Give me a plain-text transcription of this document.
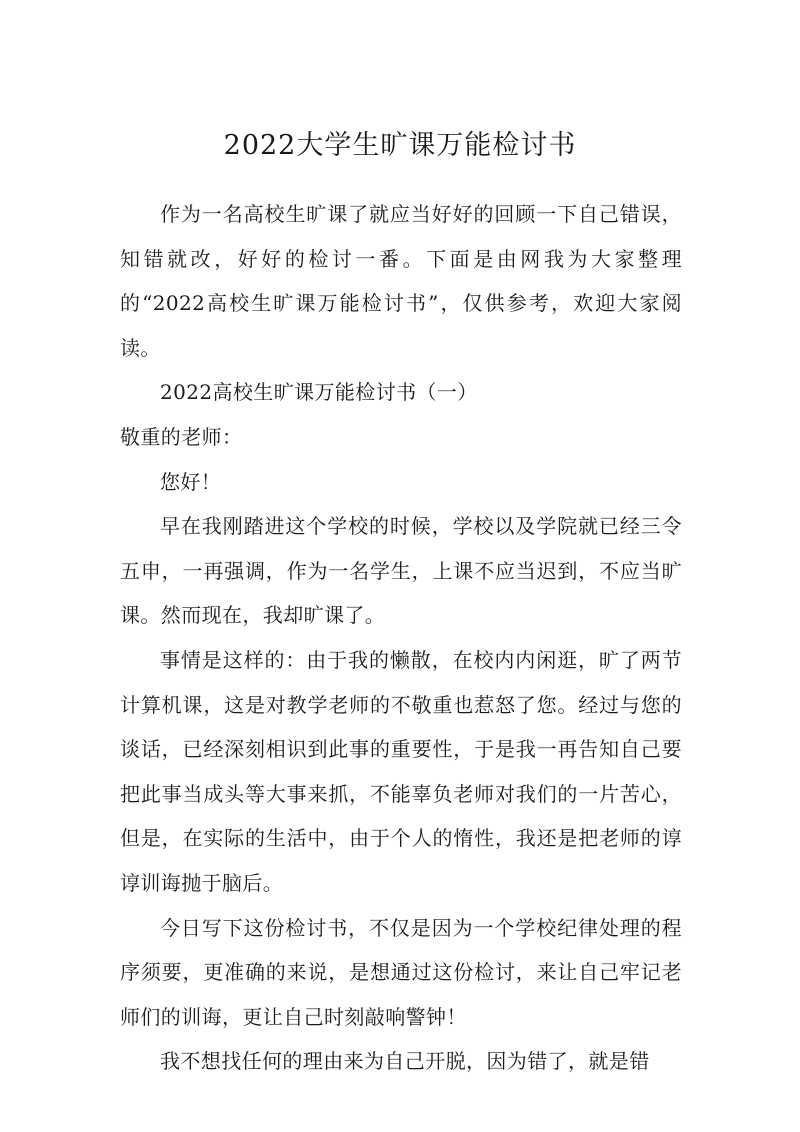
2022大学生旷课万能检讨书

作为一名高校生旷课了就应当好好的回顾一下自己错误，知错就改，好好的检讨一番。下面是由网我为大家整理的“2022高校生旷课万能检讨书”，仅供参考，欢迎大家阅读。

2022高校生旷课万能检讨书（一）

敬重的老师：

您好！

早在我刚踏进这个学校的时候，学校以及学院就已经三令五申，一再强调，作为一名学生，上课不应当迟到，不应当旷课。然而现在，我却旷课了。

事情是这样的：由于我的懒散，在校内内闲逛，旷了两节计算机课，这是对教学老师的不敬重也惹怒了您。经过与您的谈话，已经深刻相识到此事的重要性，于是我一再告知自己要把此事当成头等大事来抓，不能辜负老师对我们的一片苦心，但是，在实际的生活中，由于个人的惰性，我还是把老师的谆谆训诲抛于脑后。

今日写下这份检讨书，不仅是因为一个学校纪律处理的程序须要，更准确的来说，是想通过这份检讨，来让自己牢记老师们的训诲，更让自己时刻敲响警钟！

我不想找任何的理由来为自己开脱，因为错了，就是错
